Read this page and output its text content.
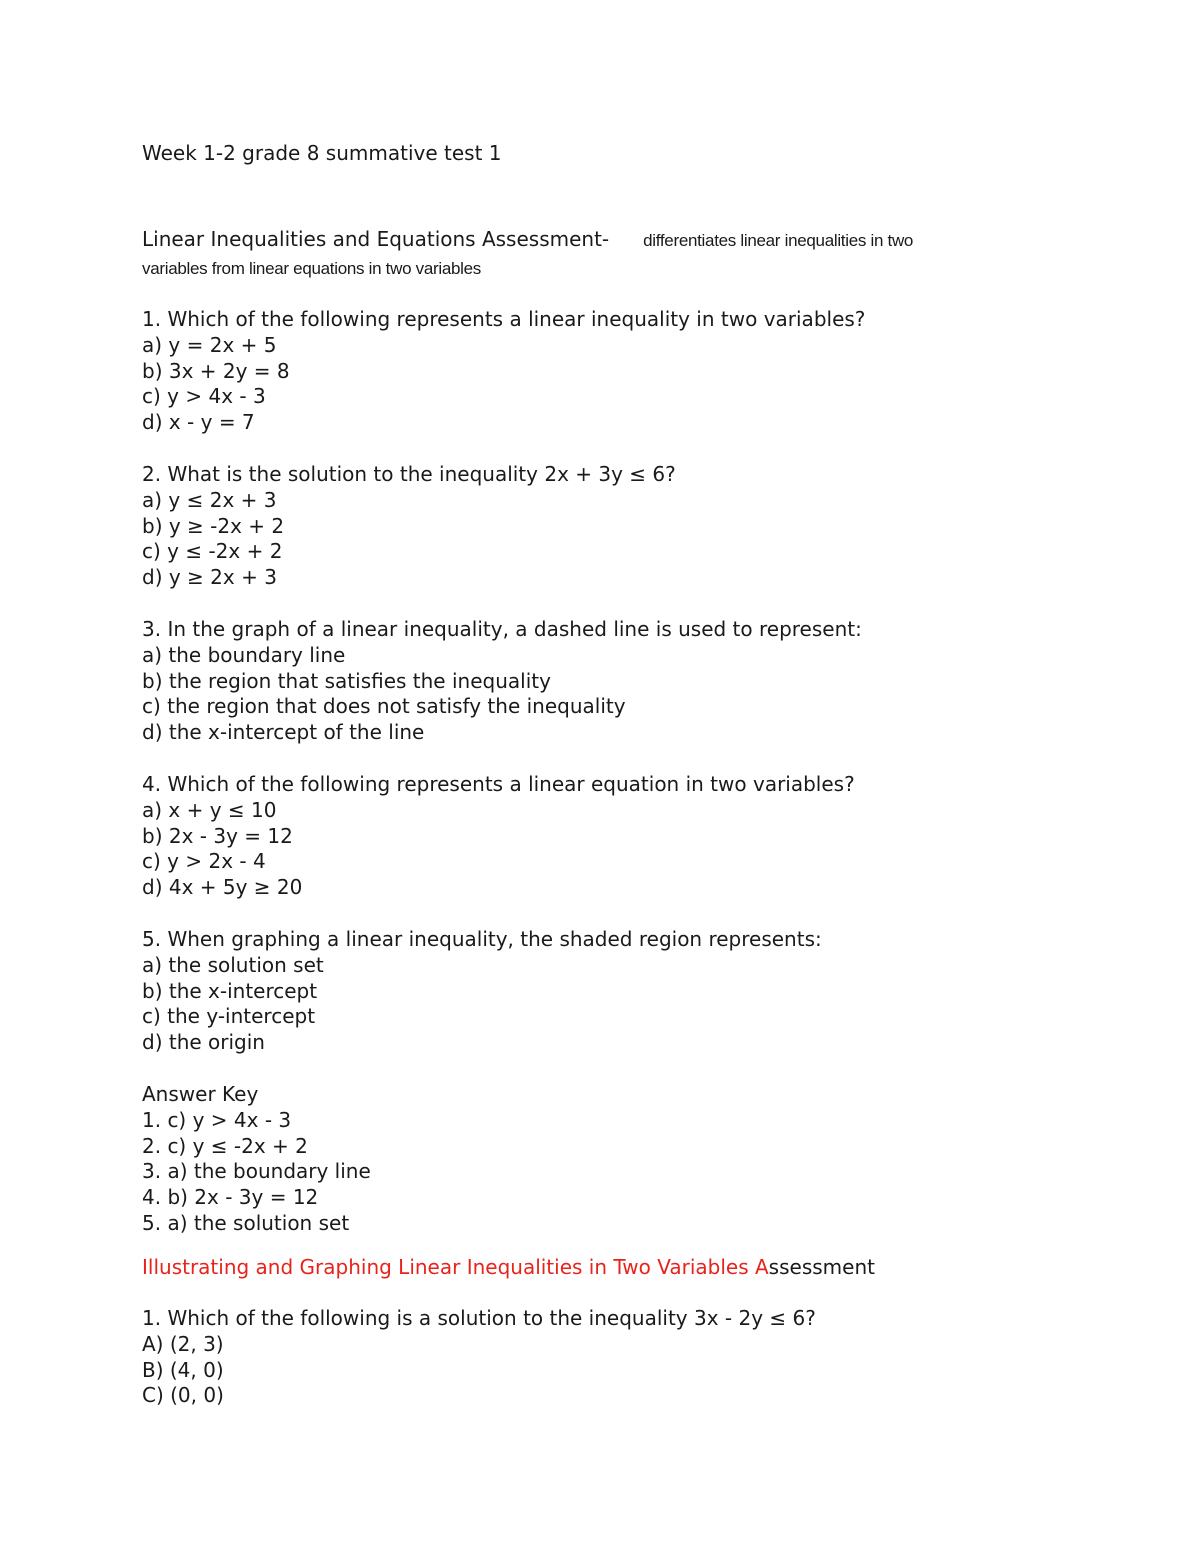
Week 1-2 grade 8 summative test 1
Linear Inequalities and Equations Assessment- differentiates linear inequalities in two
variables from linear equations in two variables
1. Which of the following represents a linear inequality in two variables?
a) y = 2x + 5
b) 3x + 2y = 8
c) y > 4x - 3
d) x - y = 7
2. What is the solution to the inequality 2x + 3y ≤ 6?
a) y ≤ 2x + 3
b) y ≥ -2x + 2
c) y ≤ -2x + 2
d) y ≥ 2x + 3
3. In the graph of a linear inequality, a dashed line is used to represent:
a) the boundary line
b) the region that satisfies the inequality
c) the region that does not satisfy the inequality
d) the x-intercept of the line
4. Which of the following represents a linear equation in two variables?
a) x + y ≤ 10
b) 2x - 3y = 12
c) y > 2x - 4
d) 4x + 5y ≥ 20
5. When graphing a linear inequality, the shaded region represents:
a) the solution set
b) the x-intercept
c) the y-intercept
d) the origin
Answer Key
1. c) y > 4x - 3
2. c) y ≤ -2x + 2
3. a) the boundary line
4. b) 2x - 3y = 12
5. a) the solution set
Illustrating and Graphing Linear Inequalities in Two Variables Assessment
1. Which of the following is a solution to the inequality 3x - 2y ≤ 6?
A) (2, 3)
B) (4, 0)
C) (0, 0)
